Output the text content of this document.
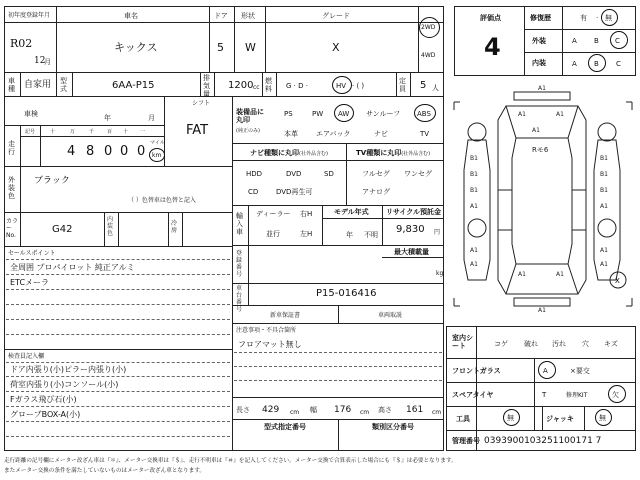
初年度登録年月
R02
12
月
車名
キックス
ドア
5
形状
W
グレード
X
2WD
4WD
車種	自家用 型式	6AA-P15
排気量
1200 cc
燃料	G · D ·	HV · ( )
定員	5 人
車検	年	月
シフト
FAT
走行
記号	十	万	千	百 十 一
4 8 0 0 0
マイル
km
外装色
ブラック
（ ）色替車は色替と記入
カラーNo.
G42
内装色
冷房
セールスポイント
全周囲 プロパイロット 純正アルミ
ETCメーラ
検査員記入欄
ドア内張り(小)ピラー内張り(小)
荷室内張り(小)コンソール(小)
Fガラス飛び石(小)
グローブBOX-A(小)
装備品に丸印
(純正のみ)
PS	PW AW サンルーフ ABS
本革	エアバック	ナビ	TV
ナビ種類に丸印(社外品含む)	TV種類に丸印(社外品含む)
HDD	DVD	SD
CD	DVD再生可
フルセグ ワンセグ
アナログ
輸入車
ディーラー
並行
右H
左H
モデル年式
年 不明
リサイクル預託金
9,830 円
登録番号
最大積載量
kg
車台番号
P15-016416
新車保証書	車両取説
注意事項・不具合箇所
フロアマット無し
長さ 429 cm 幅 176 cm 高さ 161 cm
型式指定番号	類別区分番号
評価点
4
修復歴	有 · 無
外装	A B C
内装	A B C
A1
A1	A1
A1
B1	B1
B1	B1
B1	B1
A1	A1
A1	A1
A1	A1
A1	A1
A1
Rモ6
X
室内シート	コゲ 破れ 汚れ 穴 キズ
フロントガラス	A	×要交
スペアタイヤ	T	修理KIT	欠
工具	無	ジャッキ	無
管理番号 0393900103251100171 7
走行距離の記号欄にメーター改ざん車は『＊』、メーター交換車は『＄』、走行不明車は『＃』を記入してください。メーター交換で合算表示した場合にも『＄』は必要となります。
またメーター交換の条件を満たしていないものはメーター改ざん車となります。
